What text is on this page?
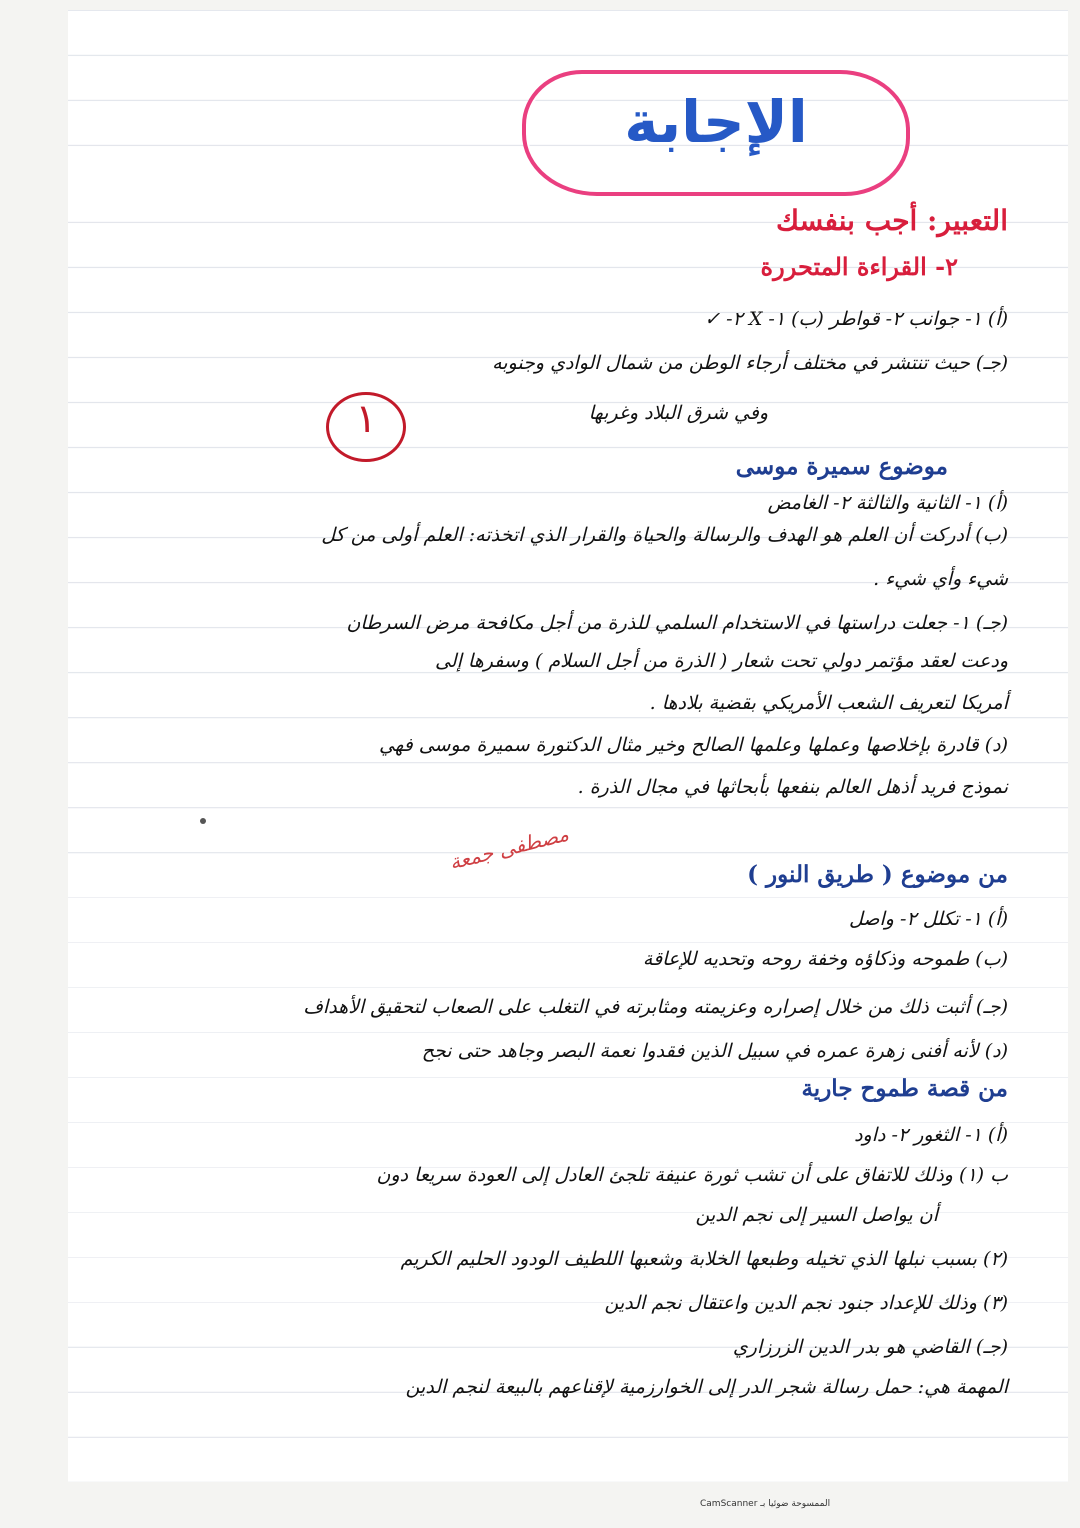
الإجابة
التعبير: أجب بنفسك
٢- القراءة المتحررة
(أ) ١- جوانب ٢- قواطر (ب) ١- X ٢- ✓
(جـ) حيث تنتشر في مختلف أرجاء الوطن من شمال الوادي وجنوبه
وفي شرق البلاد وغربها
١
موضوع سميرة موسى
(أ) ١- الثانية والثالثة ٢- الغامض
(ب) أدركت أن العلم هو الهدف والرسالة والحياة والقرار الذي اتخذته: العلم أولى من كل
شيء وأي شيء .
(جـ) ١- جعلت دراستها في الاستخدام السلمي للذرة من أجل مكافحة مرض السرطان
ودعت لعقد مؤتمر دولي تحت شعار ( الذرة من أجل السلام ) وسفرها إلى
أمريكا لتعريف الشعب الأمريكي بقضية بلادها .
(د) قادرة بإخلاصها وعملها وعلمها الصالح وخير مثال الدكتورة سميرة موسى فهي
نموذج فريد أذهل العالم بنفعها بأبحاثها في مجال الذرة .
مصطفى جمعة
من موضوع ( طريق النور )
(أ) ١- تكلل ٢- واصل
(ب) طموحه وذكاؤه وخفة روحه وتحديه للإعاقة
(جـ) أثبت ذلك من خلال إصراره وعزيمته ومثابرته في التغلب على الصعاب لتحقيق الأهداف
(د) لأنه أفنى زهرة عمره في سبيل الذين فقدوا نعمة البصر وجاهد حتى نجح
من قصة طموح جارية
(أ) ١- الثغور ٢- داود
ب (١) وذلك للاتفاق على أن تشب ثورة عنيفة تلجئ العادل إلى العودة سريعا دون
أن يواصل السير إلى نجم الدين
(٢) بسبب نبلها الذي تخيله وطبعها الخلابة وشعبها اللطيف الودود الحليم الكريم
(٣) وذلك للإعداد جنود نجم الدين واعتقال نجم الدين
(جـ) القاضي هو بدر الدين الزرزاري
المهمة هي: حمل رسالة شجر الدر إلى الخوارزمية لإقناعهم بالبيعة لنجم الدين
الممسوحة ضوئيا بـ CamScanner
